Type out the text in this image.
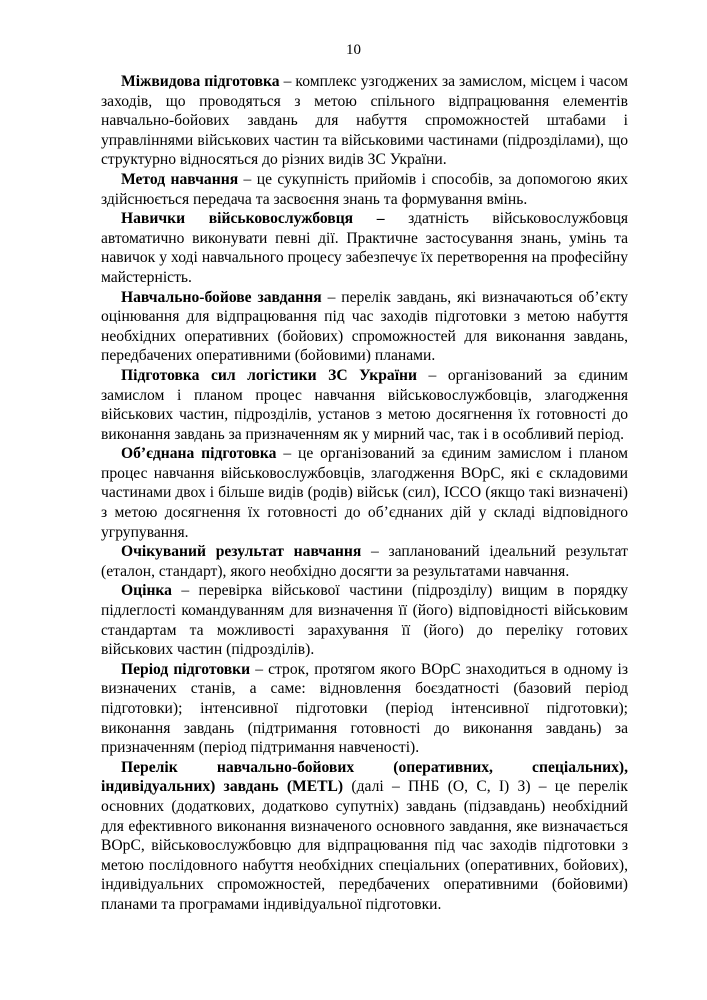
10

Міжвидова підготовка – комплекс узгоджених за замислом, місцем і часом заходів, що проводяться з метою спільного відпрацювання елементів навчально-бойових завдань для набуття спроможностей штабами і управліннями військових частин та військовими частинами (підрозділами), що структурно відносяться до різних видів ЗС України.

Метод навчання – це сукупність прийомів і способів, за допомогою яких здійснюється передача та засвоєння знань та формування вмінь.

Навички військовослужбовця – здатність військовослужбовця автоматично виконувати певні дії. Практичне застосування знань, умінь та навичок у ході навчального процесу забезпечує їх перетворення на професійну майстерність.

Навчально-бойове завдання – перелік завдань, які визначаються об’єкту оцінювання для відпрацювання під час заходів підготовки з метою набуття необхідних оперативних (бойових) спроможностей для виконання завдань, передбачених оперативними (бойовими) планами.

Підготовка сил логістики ЗС України – організований за єдиним замислом і планом процес навчання військовослужбовців, злагодження військових частин, підрозділів, установ з метою досягнення їх готовності до виконання завдань за призначенням як у мирний час, так і в особливий період.

Об’єднана підготовка – це організований за єдиним замислом і планом процес навчання військовослужбовців, злагодження ВОрС, які є складовими частинами двох і більше видів (родів) військ (сил), ІССО (якщо такі визначені) з метою досягнення їх готовності до об’єднаних дій у складі відповідного угрупування.

Очікуваний результат навчання – запланований ідеальний результат (еталон, стандарт), якого необхідно досягти за результатами навчання.

Оцінка – перевірка військової частини (підрозділу) вищим в порядку підлеглості командуванням для визначення її (його) відповідності військовим стандартам та можливості зарахування її (його) до переліку готових військових частин (підрозділів).

Період підготовки – строк, протягом якого ВОрС знаходиться в одному із визначених станів, а саме: відновлення боєздатності (базовий період підготовки); інтенсивної підготовки (період інтенсивної підготовки); виконання завдань (підтримання готовності до виконання завдань) за призначенням (період підтримання навченості).

Перелік навчально-бойових (оперативних, спеціальних), індивідуальних) завдань (METL) (далі – ПНБ (О, С, І) З) – це перелік основних (додаткових, додатково супутніх) завдань (підзавдань) необхідний для ефективного виконання визначеного основного завдання, яке визначається ВОрС, військовослужбовцю для відпрацювання під час заходів підготовки з метою послідовного набуття необхідних спеціальних (оперативних, бойових), індивідуальних спроможностей, передбачених оперативними (бойовими) планами та програмами індивідуальної підготовки.
